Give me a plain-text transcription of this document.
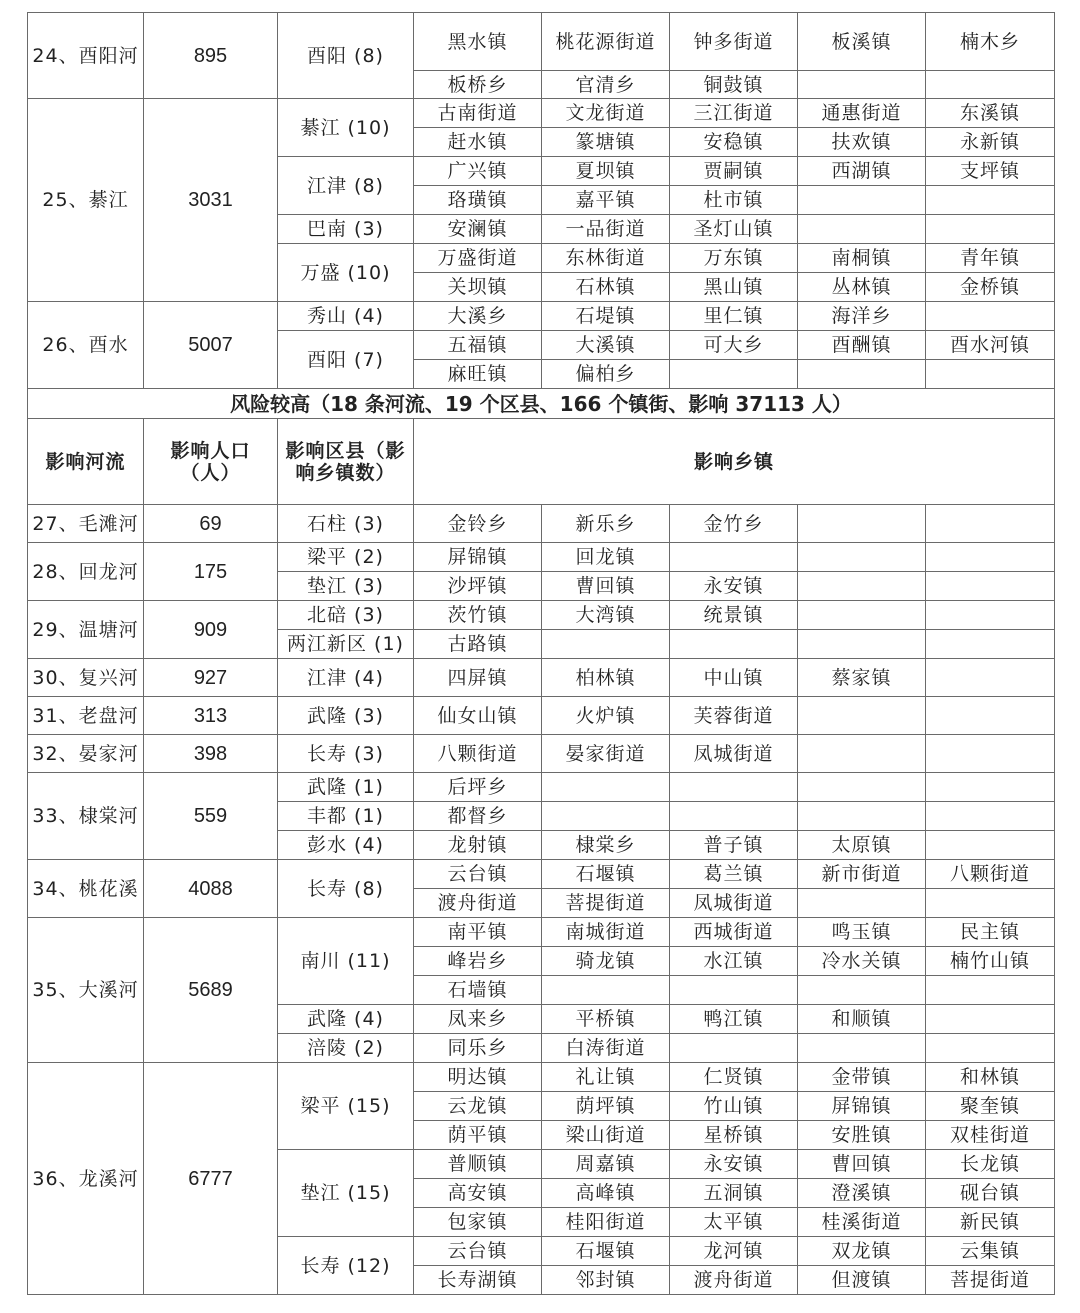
24、酉阳河	895	酉阳 (8)	黑水镇	桃花源街道	钟多街道	板溪镇	楠木乡
			板桥乡	官清乡	铜鼓镇		
25、綦江	3031	綦江 (10)	古南街道	文龙街道	三江街道	通惠街道	东溪镇
			赶水镇	篆塘镇	安稳镇	扶欢镇	永新镇
		江津 (8)	广兴镇	夏坝镇	贾嗣镇	西湖镇	支坪镇
			珞璜镇	嘉平镇	杜市镇		
		巴南 (3)	安澜镇	一品街道	圣灯山镇		
		万盛 (10)	万盛街道	东林街道	万东镇	南桐镇	青年镇
			关坝镇	石林镇	黑山镇	丛林镇	金桥镇
26、酉水	5007	秀山 (4)	大溪乡	石堤镇	里仁镇	海洋乡	
		酉阳 (7)	五福镇	大溪镇	可大乡	酉酬镇	酉水河镇
			麻旺镇	偏柏乡			
风险较高（18 条河流、19 个区县、166 个镇街、影响 37113 人）							
影响河流	影响人口（人）	影响区县（影响乡镇数）	影响乡镇				
27、毛滩河	69	石柱 (3)	金铃乡	新乐乡	金竹乡		
28、回龙河	175	梁平 (2)	屏锦镇	回龙镇			
		垫江 (3)	沙坪镇	曹回镇	永安镇		
29、温塘河	909	北碚 (3)	茨竹镇	大湾镇	统景镇		
		两江新区 (1)	古路镇				
30、复兴河	927	江津 (4)	四屏镇	柏林镇	中山镇	蔡家镇	
31、老盘河	313	武隆 (3)	仙女山镇	火炉镇	芙蓉街道		
32、晏家河	398	长寿 (3)	八颗街道	晏家街道	凤城街道		
33、棣棠河	559	武隆 (1)	后坪乡				
		丰都 (1)	都督乡				
		彭水 (4)	龙射镇	棣棠乡	普子镇	太原镇	
34、桃花溪	4088	长寿 (8)	云台镇	石堰镇	葛兰镇	新市街道	八颗街道
			渡舟街道	菩提街道	凤城街道		
35、大溪河	5689	南川 (11)	南平镇	南城街道	西城街道	鸣玉镇	民主镇
			峰岩乡	骑龙镇	水江镇	冷水关镇	楠竹山镇
			石墙镇				
		武隆 (4)	凤来乡	平桥镇	鸭江镇	和顺镇	
		涪陵 (2)	同乐乡	白涛街道			
36、龙溪河	6777	梁平 (15)	明达镇	礼让镇	仁贤镇	金带镇	和林镇
			云龙镇	荫坪镇	竹山镇	屏锦镇	聚奎镇
			荫平镇	梁山街道	星桥镇	安胜镇	双桂街道
		垫江 (15)	普顺镇	周嘉镇	永安镇	曹回镇	长龙镇
			高安镇	高峰镇	五洞镇	澄溪镇	砚台镇
			包家镇	桂阳街道	太平镇	桂溪街道	新民镇
		长寿 (12)	云台镇	石堰镇	龙河镇	双龙镇	云集镇
			长寿湖镇	邻封镇	渡舟街道	但渡镇	菩提街道
